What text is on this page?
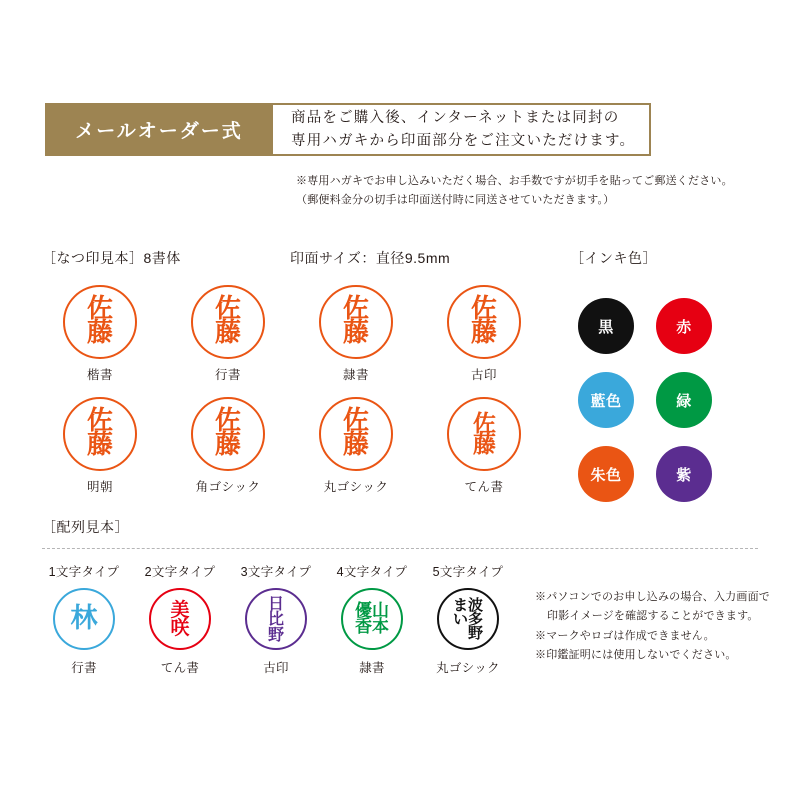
メールオーダー式
商品をご購入後、インターネットまたは同封の
専用ハガキから印面部分をご注文いただけます。
※専用ハガキでお申し込みいただく場合、お手数ですが切手を貼ってご郵送ください。
（郵便料金分の切手は印面送付時に同送させていただきます。）
［なつ印見本］8書体	印面サイズ：直径9.5mm	［インキ色］
佐
藤
楷書
佐
藤
行書
佐
藤
隷書
佐
藤
古印
佐
藤
明朝
佐
藤
角ゴシック
佐
藤
丸ゴシック
佐
藤
てん書
黒	赤
藍色	緑
朱色	紫
［配列見本］
1文字タイプ
林
行書
2文字タイプ
美
咲
てん書
3文字タイプ
日
比
野
古印
4文字タイプ
優
香
山
本
隷書
5文字タイプ
ま
い
波
多
野
丸ゴシック
※パソコンでのお申し込みの場合、入力画面で
印影イメージを確認することができます。
※マークやロゴは作成できません。
※印鑑証明には使用しないでください。
